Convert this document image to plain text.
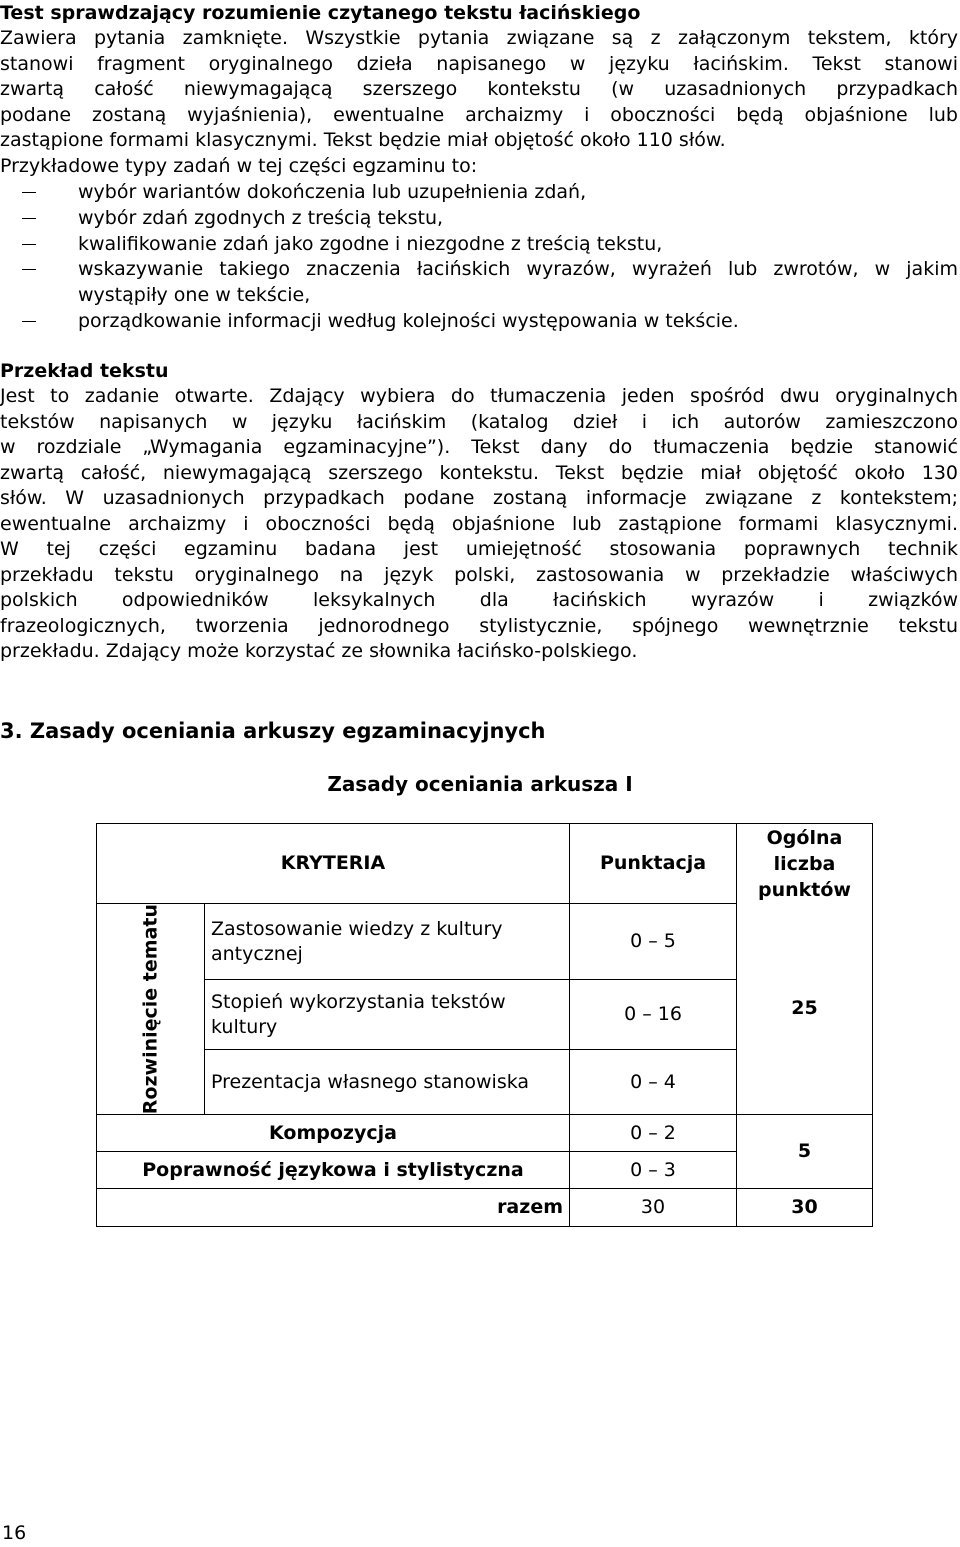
Test sprawdzający rozumienie czytanego tekstu łacińskiego
Zawiera pytania zamknięte. Wszystkie pytania związane są z załączonym tekstem, który
stanowi fragment oryginalnego dzieła napisanego w języku łacińskim. Tekst stanowi
zwartą całość niewymagającą szerszego kontekstu (w uzasadnionych przypadkach
podane zostaną wyjaśnienia), ewentualne archaizmy i oboczności będą objaśnione lub
zastąpione formami klasycznymi. Tekst będzie miał objętość około 110 słów.
Przykładowe typy zadań w tej części egzaminu to:
wybór wariantów dokończenia lub uzupełnienia zdań,
wybór zdań zgodnych z treścią tekstu,
kwalifikowanie zdań jako zgodne i niezgodne z treścią tekstu,
wskazywanie takiego znaczenia łacińskich wyrazów, wyrażeń lub zwrotów, w jakim wystąpiły one w tekście,
porządkowanie informacji według kolejności występowania w tekście.
Przekład tekstu
Jest to zadanie otwarte. Zdający wybiera do tłumaczenia jeden spośród dwu oryginalnych
tekstów napisanych w języku łacińskim (katalog dzieł i ich autorów zamieszczono
w rozdziale „Wymagania egzaminacyjne”). Tekst dany do tłumaczenia będzie stanowić
zwartą całość, niewymagającą szerszego kontekstu. Tekst będzie miał objętość około 130
słów. W uzasadnionych przypadkach podane zostaną informacje związane z kontekstem;
ewentualne archaizmy i oboczności będą objaśnione lub zastąpione formami klasycznymi.
W tej części egzaminu badana jest umiejętność stosowania poprawnych technik
przekładu tekstu oryginalnego na język polski, zastosowania w przekładzie właściwych
polskich odpowiedników leksykalnych dla łacińskich wyrazów i związków
frazeologicznych, tworzenia jednorodnego stylistycznie, spójnego wewnętrznie tekstu
przekładu. Zdający może korzystać ze słownika łacińsko-polskiego.
3. Zasady oceniania arkuszy egzaminacyjnych
Zasady oceniania arkusza I
KRYTERIA		Punktacja	Ogólna liczba punktów
Rozwinięcie tematu	Zastosowanie wiedzy z kultury antycznej	0 – 5	25
	Stopień wykorzystania tekstów kultury	0 – 16	
	Prezentacja własnego stanowiska	0 – 4	
Kompozycja		0 – 2	5
Poprawność językowa i stylistyczna		0 – 3	
razem		30	30
16
